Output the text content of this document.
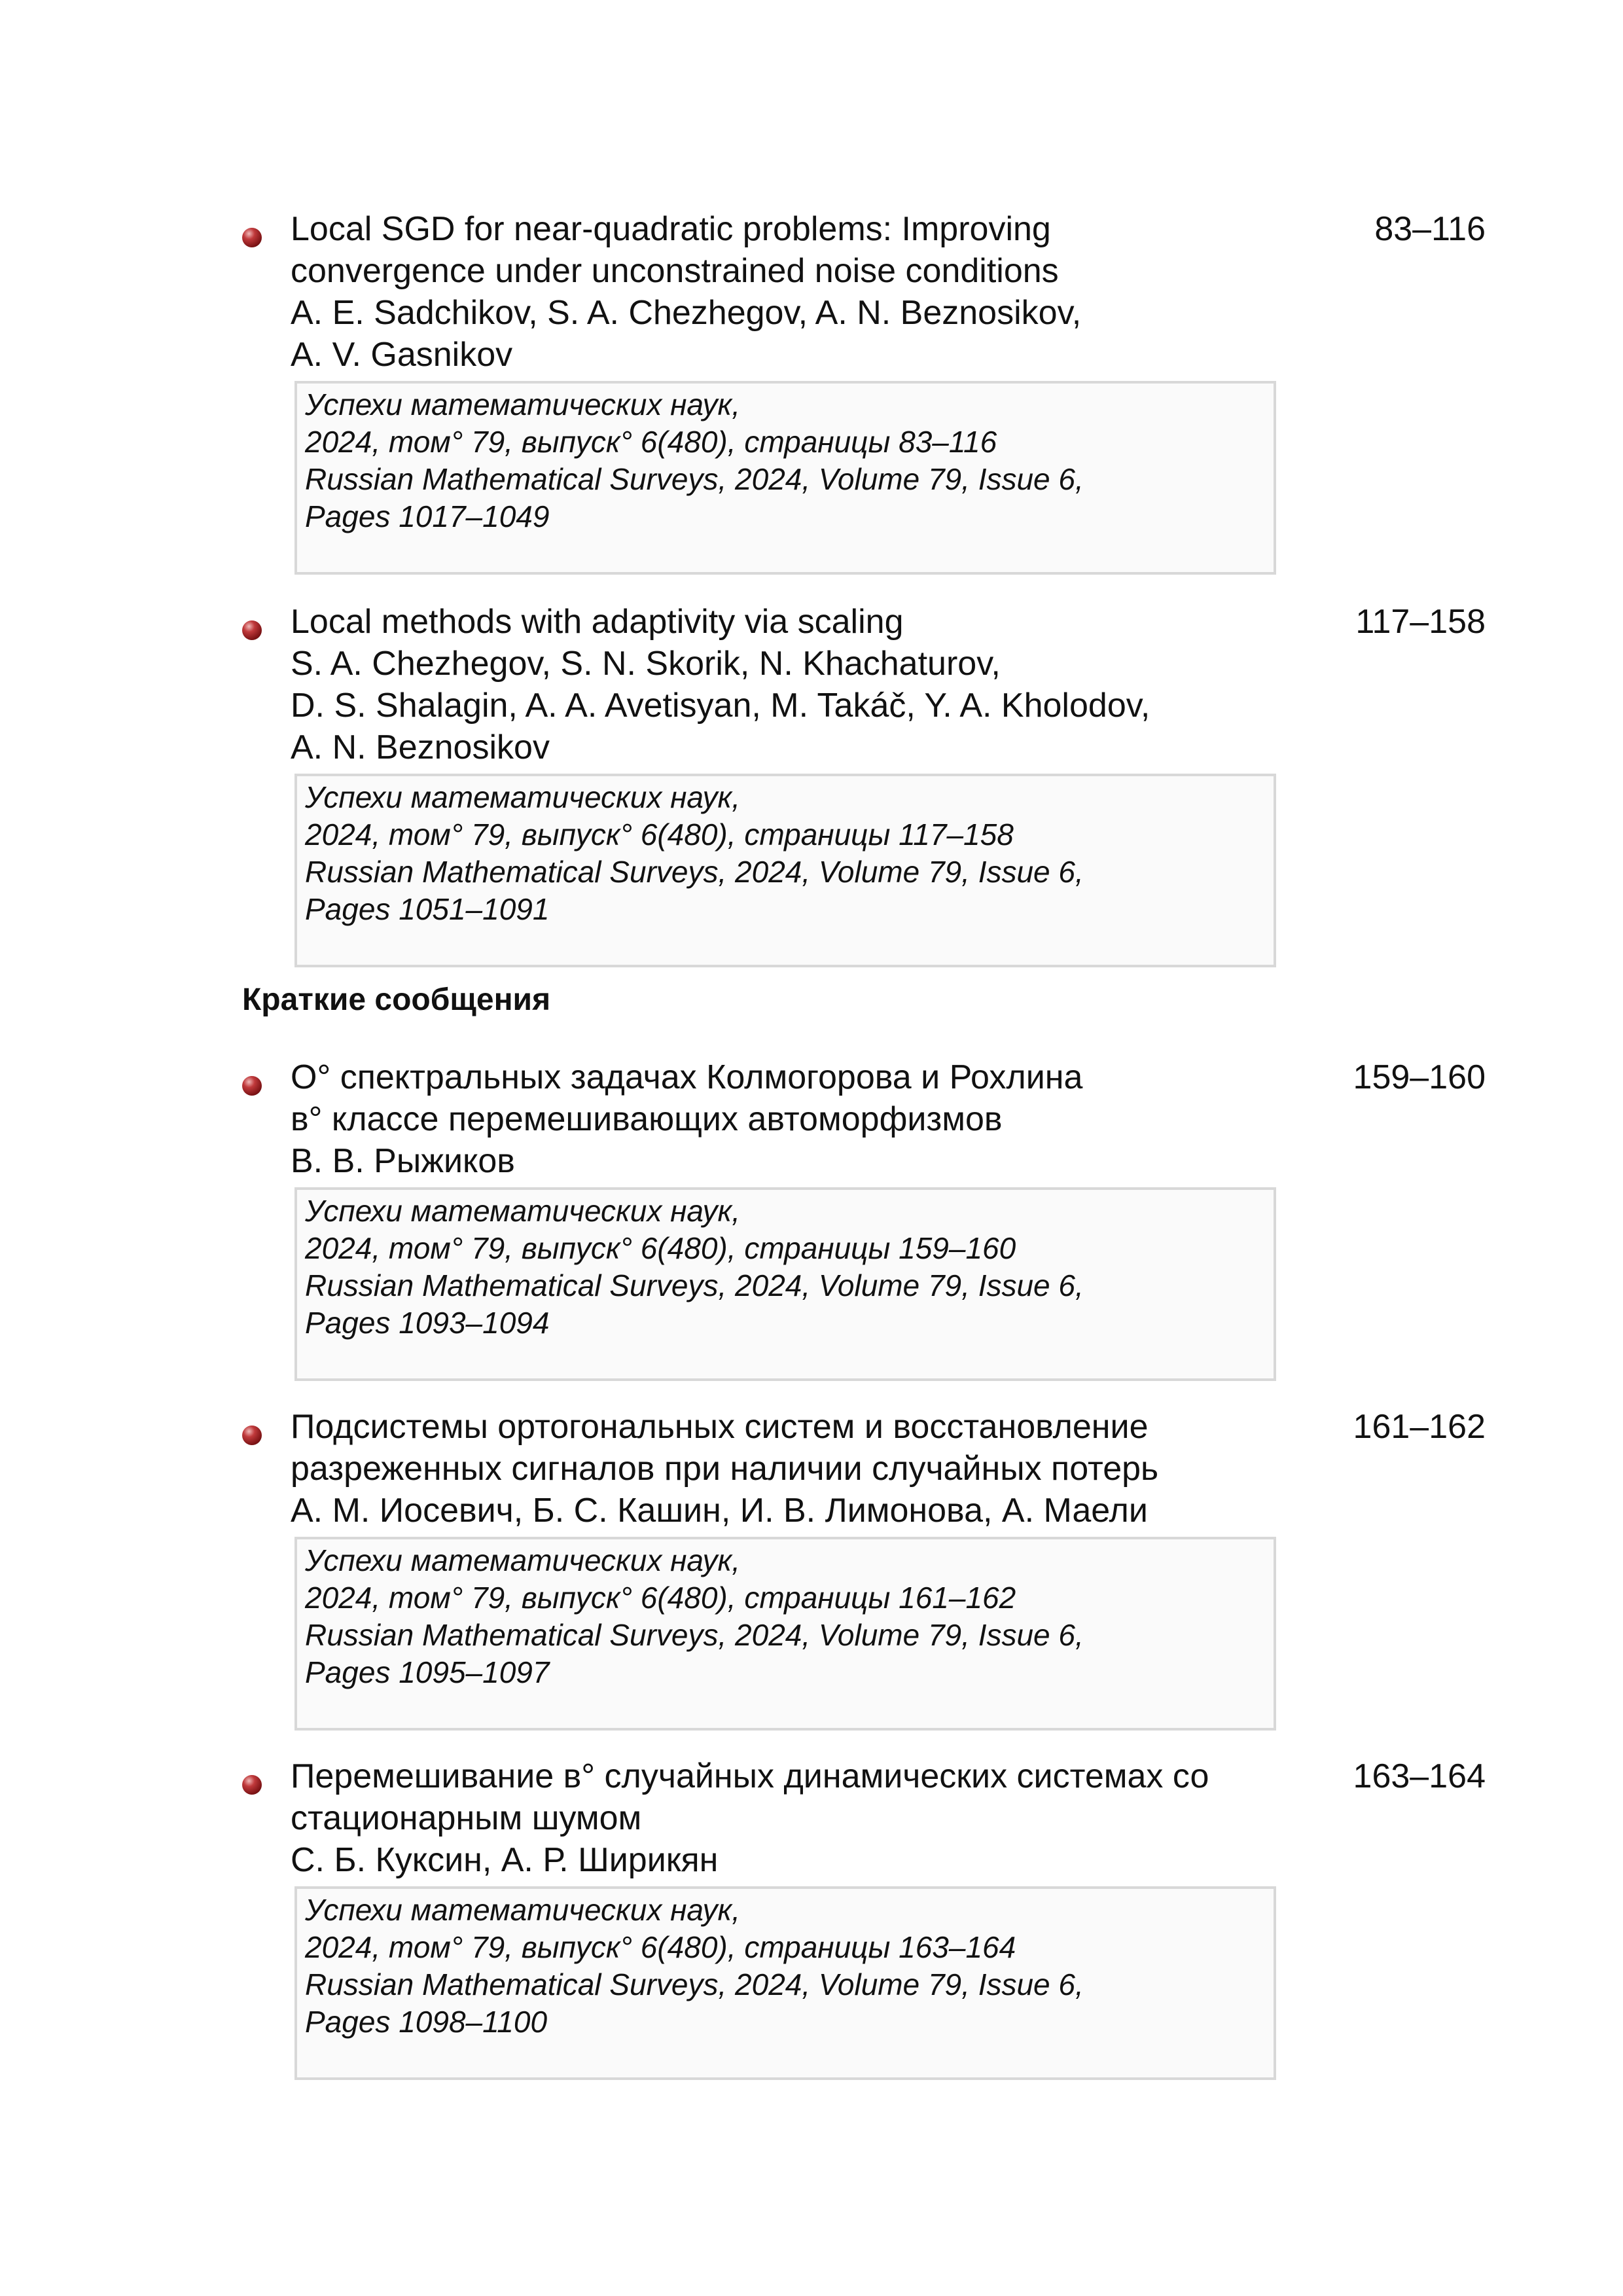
Local SGD for near-quadratic problems: Improving
convergence under unconstrained noise conditions
A. E. Sadchikov, S. A. Chezhegov, A. N. Beznosikov,
A. V. Gasnikov
83–116
Успехи математических наук,
2024, том° 79, выпуск° 6(480), страницы 83–116
Russian Mathematical Surveys, 2024, Volume 79, Issue 6,
Pages 1017–1049
Local methods with adaptivity via scaling
S. A. Chezhegov, S. N. Skorik, N. Khachaturov,
D. S. Shalagin, A. A. Avetisyan, M. Takáč, Y. A. Kholodov,
A. N. Beznosikov
117–158
Успехи математических наук,
2024, том° 79, выпуск° 6(480), страницы 117–158
Russian Mathematical Surveys, 2024, Volume 79, Issue 6,
Pages 1051–1091
Краткие сообщения
О° спектральных задачах Колмогорова и Рохлина
в° классе перемешивающих автоморфизмов
В. В. Рыжиков
159–160
Успехи математических наук,
2024, том° 79, выпуск° 6(480), страницы 159–160
Russian Mathematical Surveys, 2024, Volume 79, Issue 6,
Pages 1093–1094
Подсистемы ортогональных систем и восстановление
разреженных сигналов при наличии случайных потерь
А. М. Иосевич, Б. С. Кашин, И. В. Лимонова, А. Маели
161–162
Успехи математических наук,
2024, том° 79, выпуск° 6(480), страницы 161–162
Russian Mathematical Surveys, 2024, Volume 79, Issue 6,
Pages 1095–1097
Перемешивание в° случайных динамических системах со
стационарным шумом
С. Б. Куксин, А. Р. Ширикян
163–164
Успехи математических наук,
2024, том° 79, выпуск° 6(480), страницы 163–164
Russian Mathematical Surveys, 2024, Volume 79, Issue 6,
Pages 1098–1100
